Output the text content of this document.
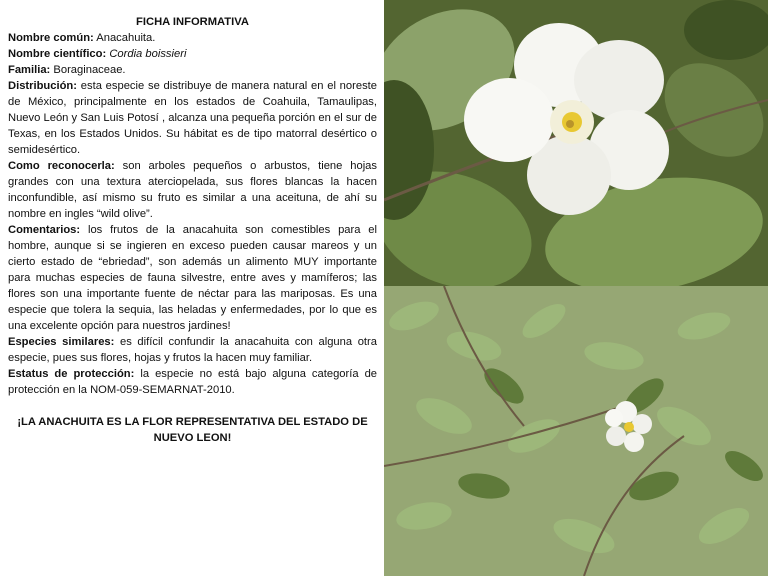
FICHA INFORMATIVA

Nombre común: Anacahuita.

Nombre científico: Cordia boissieri

Familia: Boraginaceae.

Distribución: esta especie se distribuye de manera natural en el noreste de México, principalmente en los estados de Coahuila, Tamaulipas, Nuevo León y San Luis Potosí , alcanza una pequeña porción en el sur de Texas, en los Estados Unidos. Su hábitat es de tipo matorral desértico o semidesértico.

Como reconocerla: son arboles pequeños o arbustos, tiene hojas grandes con una textura aterciopelada, sus flores blancas la hacen inconfundible, así mismo su fruto es similar a una aceituna, de ahí su nombre en ingles “wild olive”.

Comentarios: los frutos de la anacahuita son comestibles para el hombre, aunque si se ingieren en exceso pueden causar mareos y un cierto estado de “ebriedad”, son además un alimento MUY importante para muchas especies de fauna silvestre, entre aves y mamíferos; las flores son una importante fuente de néctar para las mariposas. Es una especie que tolera la sequia, las heladas y enfermedades, por lo que es una excelente opción para nuestros jardines!

Especies similares: es difícil confundir la anacahuita con alguna otra especie, pues sus flores, hojas y frutos la hacen muy familiar.

Estatus de protección: la especie no está bajo alguna categoría de protección en la NOM-059-SEMARNAT-2010.

¡LA ANACHUITA ES LA FLOR REPRESENTATIVA DEL ESTADO DE NUEVO LEON!
